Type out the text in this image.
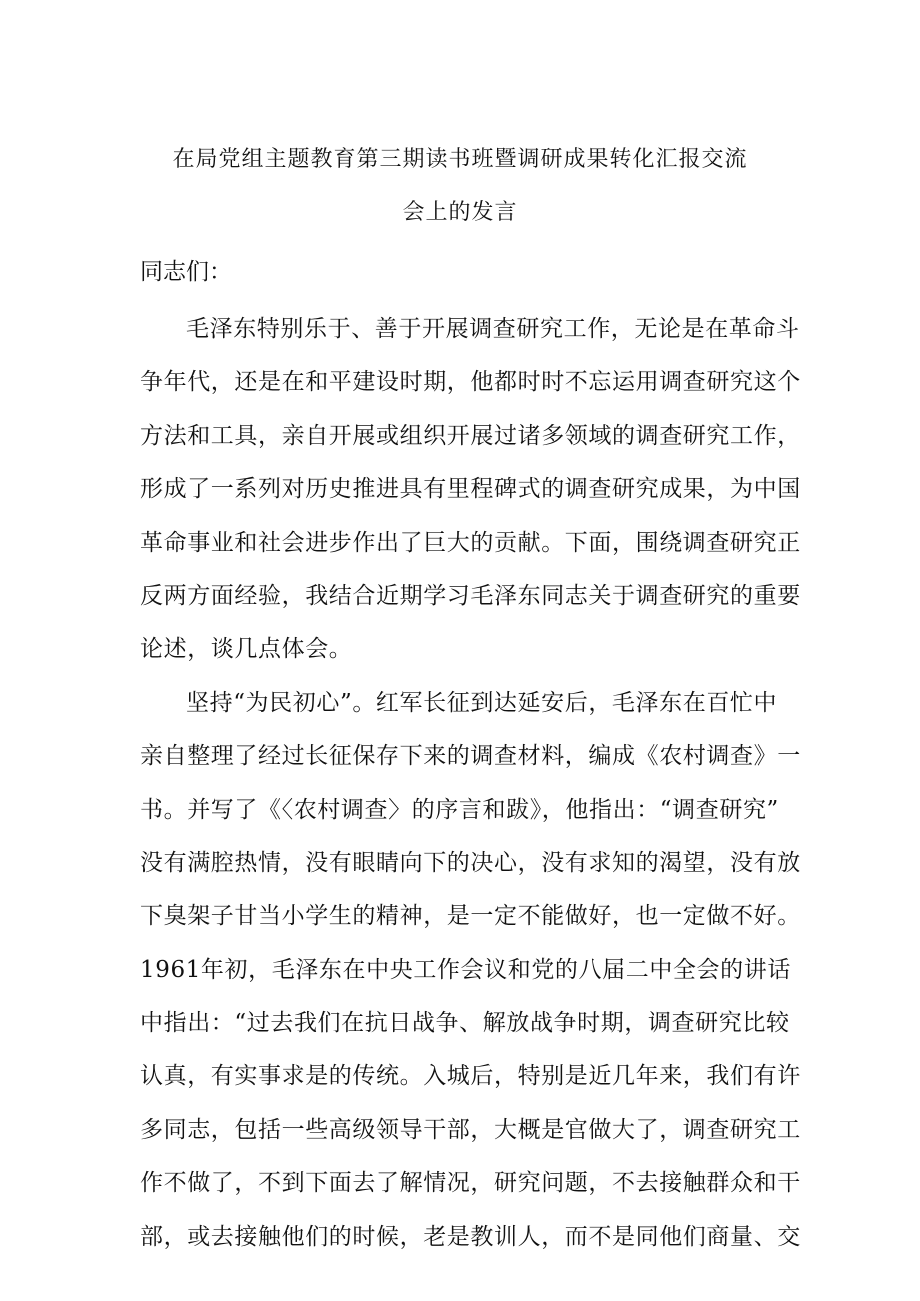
在局党组主题教育第三期读书班暨调研成果转化汇报交流
会上的发言
同志们：
毛泽东特别乐于、善于开展调查研究工作，无论是在革命斗
争年代，还是在和平建设时期，他都时时不忘运用调查研究这个
方法和工具，亲自开展或组织开展过诸多领域的调查研究工作，
形成了一系列对历史推进具有里程碑式的调查研究成果，为中国
革命事业和社会进步作出了巨大的贡献。下面，围绕调查研究正
反两方面经验，我结合近期学习毛泽东同志关于调查研究的重要
论述，谈几点体会。
坚持“为民初心”。红军长征到达延安后，毛泽东在百忙中
亲自整理了经过长征保存下来的调查材料，编成《农村调查》一
书。并写了《〈农村调查〉的序言和跋》，他指出：“调查研究”
没有满腔热情，没有眼睛向下的决心，没有求知的渴望，没有放
下臭架子甘当小学生的精神，是一定不能做好，也一定做不好。
1961年初，毛泽东在中央工作会议和党的八届二中全会的讲话
中指出：“过去我们在抗日战争、解放战争时期，调查研究比较
认真，有实事求是的传统。入城后，特别是近几年来，我们有许
多同志，包括一些高级领导干部，大概是官做大了，调查研究工
作不做了，不到下面去了解情况，研究问题，不去接触群众和干
部，或去接触他们的时候，老是教训人，而不是同他们商量、交
